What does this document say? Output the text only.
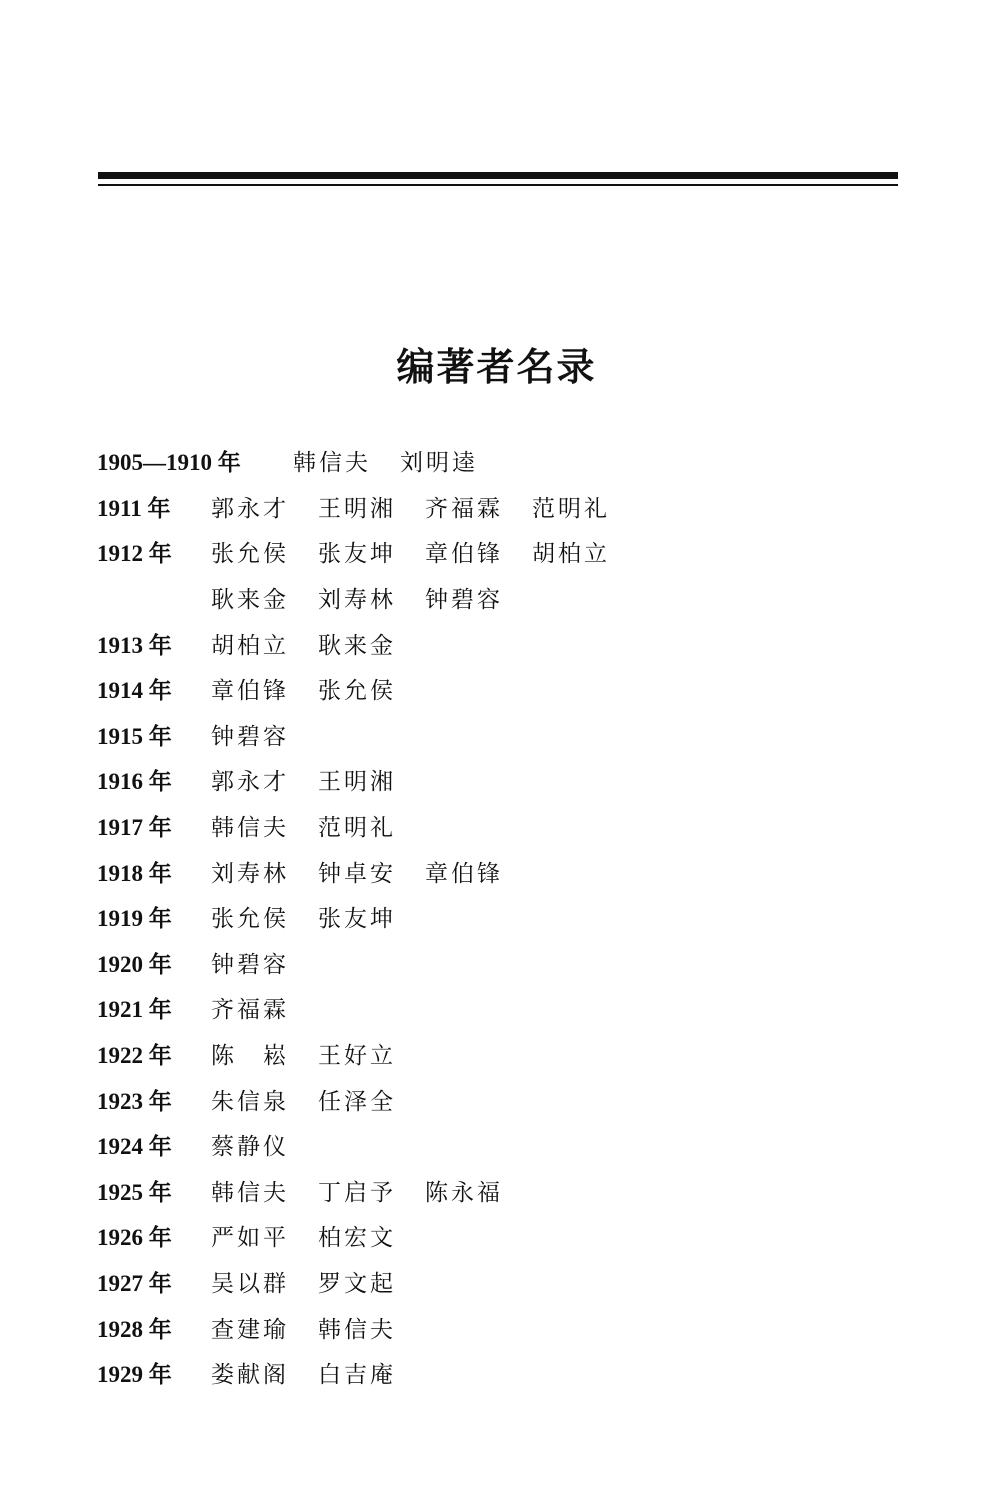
编著者名录
1905—1910 年	韩信夫	刘明逵
1911 年	郭永才	王明湘	齐福霖	范明礼
1912 年	张允侯	张友坤	章伯锋	胡柏立
耿来金	刘寿林	钟碧容
1913 年	胡柏立	耿来金
1914 年	章伯锋	张允侯
1915 年	钟碧容
1916 年	郭永才	王明湘
1917 年	韩信夫	范明礼
1918 年	刘寿林	钟卓安	章伯锋
1919 年	张允侯	张友坤
1920 年	钟碧容
1921 年	齐福霖
1922 年	陈　崧	王好立
1923 年	朱信泉	任泽全
1924 年	蔡静仪
1925 年	韩信夫	丁启予	陈永福
1926 年	严如平	柏宏文
1927 年	吴以群	罗文起
1928 年	查建瑜	韩信夫
1929 年	娄献阁	白吉庵
